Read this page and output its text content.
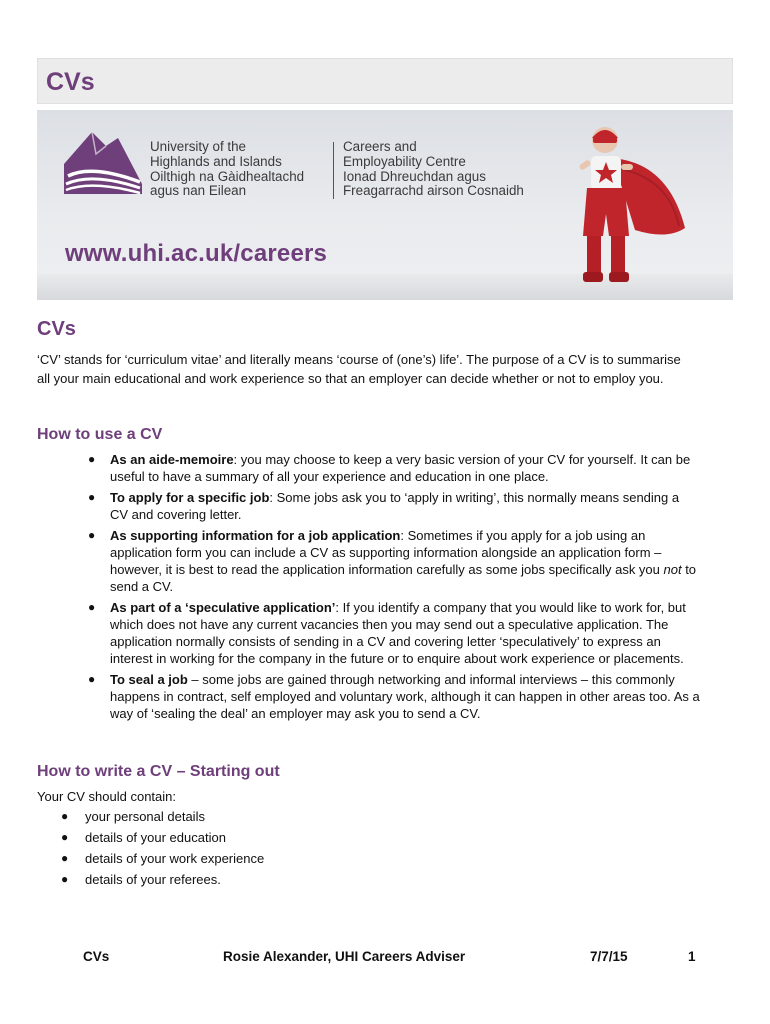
CVs
University of the
Highlands and Islands
Oilthigh na Gàidhealtachd
agus nan Eilean
Careers and
Employability Centre
Ionad Dhreuchdan agus
Freagarrachd airson Cosnaidh
www.uhi.ac.uk/careers
CVs

‘CV’ stands for ‘curriculum vitae’ and literally means ‘course of (one’s) life’. The purpose of a CV is to summarise all your main educational and work experience so that an employer can decide whether or not to employ you.

How to use a CV
● As an aide-memoire: you may choose to keep a very basic version of your CV for yourself. It can be useful to have a summary of all your experience and education in one place.
● To apply for a specific job: Some jobs ask you to ‘apply in writing’, this normally means sending a CV and covering letter.
● As supporting information for a job application: Sometimes if you apply for a job using an application form you can include a CV as supporting information alongside an application form – however, it is best to read the application information carefully as some jobs specifically ask you not to send a CV.
● As part of a ‘speculative application’: If you identify a company that you would like to work for, but which does not have any current vacancies then you may send out a speculative application. The application normally consists of sending in a CV and covering letter ‘speculatively’ to express an interest in working for the company in the future or to enquire about work experience or placements.
● To seal a job – some jobs are gained through networking and informal interviews – this commonly happens in contract, self employed and voluntary work, although it can happen in other areas too. As a way of ‘sealing the deal’ an employer may ask you to send a CV.
How to write a CV – Starting out

Your CV should contain:

● your personal details
● details of your education
● details of your work experience
● details of your referees.
CVs	Rosie Alexander, UHI Careers Adviser	7/7/15	1
